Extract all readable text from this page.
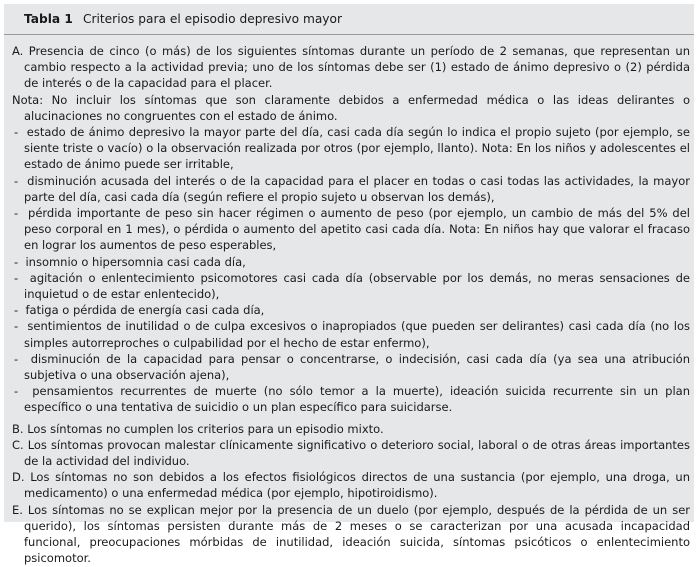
Tabla 1 Criterios para el episodio depresivo mayor

A. Presencia de cinco (o más) de los siguientes síntomas durante un período de 2 semanas, que representan un cambio respecto a la actividad previa; uno de los síntomas debe ser (1) estado de ánimo depresivo o (2) pérdida de interés o de la capacidad para el placer.

Nota: No incluir los síntomas que son claramente debidos a enfermedad médica o las ideas delirantes o alucinaciones no congruentes con el estado de ánimo.

-  estado de ánimo depresivo la mayor parte del día, casi cada día según lo indica el propio sujeto (por ejemplo, se siente triste o vacío) o la observación realizada por otros (por ejemplo, llanto). Nota: En los niños y adolescentes el estado de ánimo puede ser irritable,
-  disminución acusada del interés o de la capacidad para el placer en todas o casi todas las actividades, la mayor parte del día, casi cada día (según refiere el propio sujeto u observan los demás),
-  pérdida importante de peso sin hacer régimen o aumento de peso (por ejemplo, un cambio de más del 5% del peso corporal en 1 mes), o pérdida o aumento del apetito casi cada día. Nota: En niños hay que valorar el fracaso en lograr los aumentos de peso esperables,
-  insomnio o hipersomnia casi cada día,
-  agitación o enlentecimiento psicomotores casi cada día (observable por los demás, no meras sensaciones de inquietud o de estar enlentecido),
-  fatiga o pérdida de energía casi cada día,
-  sentimientos de inutilidad o de culpa excesivos o inapropiados (que pueden ser delirantes) casi cada día (no los simples autorreproches o culpabilidad por el hecho de estar enfermo),
-  disminución de la capacidad para pensar o concentrarse, o indecisión, casi cada día (ya sea una atribución subjetiva o una observación ajena),
-  pensamientos recurrentes de muerte (no sólo temor a la muerte), ideación suicida recurrente sin un plan específico o una tentativa de suicidio o un plan específico para suicidarse.

B. Los síntomas no cumplen los criterios para un episodio mixto.

C. Los síntomas provocan malestar clínicamente significativo o deterioro social, laboral o de otras áreas importantes de la actividad del individuo.

D. Los síntomas no son debidos a los efectos fisiológicos directos de una sustancia (por ejemplo, una droga, un medicamento) o una enfermedad médica (por ejemplo, hipotiroidismo).

E. Los síntomas no se explican mejor por la presencia de un duelo (por ejemplo, después de la pérdida de un ser querido), los síntomas persisten durante más de 2 meses o se caracterizan por una acusada incapacidad funcional, preocupaciones mórbidas de inutilidad, ideación suicida, síntomas psicóticos o enlentecimiento psicomotor.
